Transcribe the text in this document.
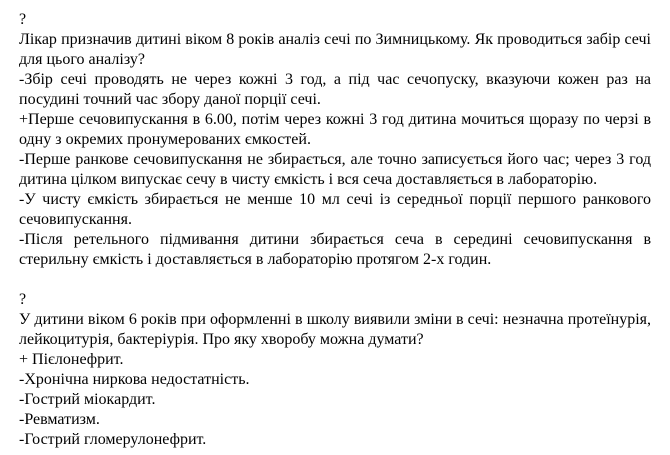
?

Лікар призначив дитині віком 8 років аналіз сечі по Зимницькому. Як проводиться забір сечі для цього аналізу?

-Збір сечі проводять не через кожні 3 год, а під час сечопуску, вказуючи кожен раз на посудині точний час збору даної порції сечі.

+Перше сечовипускання в 6.00, потім через кожні 3 год дитина мочиться щоразу по черзі в одну з окремих пронумерованих ємкостей.

-Перше ранкове сечовипускання не збирається, але точно записується його час; через 3 год дитина цілком випускає сечу в чисту ємкість і вся сеча доставляється в лабораторію.

-У чисту ємкість збирається не менше 10 мл сечі із середньої порції першого ранкового сечовипускання.

-Після ретельного підмивання дитини збирається сеча в середині сечовипускання в стерильну ємкість і доставляється в лабораторію протягом 2-х годин.

?

У дитини віком 6 років при оформленні в школу виявили зміни в сечі: незначна протеїнурія, лейкоцитурія, бактеріурія. Про яку хворобу можна думати?

+ Пієлонефрит.

-Хронічна ниркова недостатність.

-Гострий міокардит.

-Ревматизм.

-Гострий гломерулонефрит.
